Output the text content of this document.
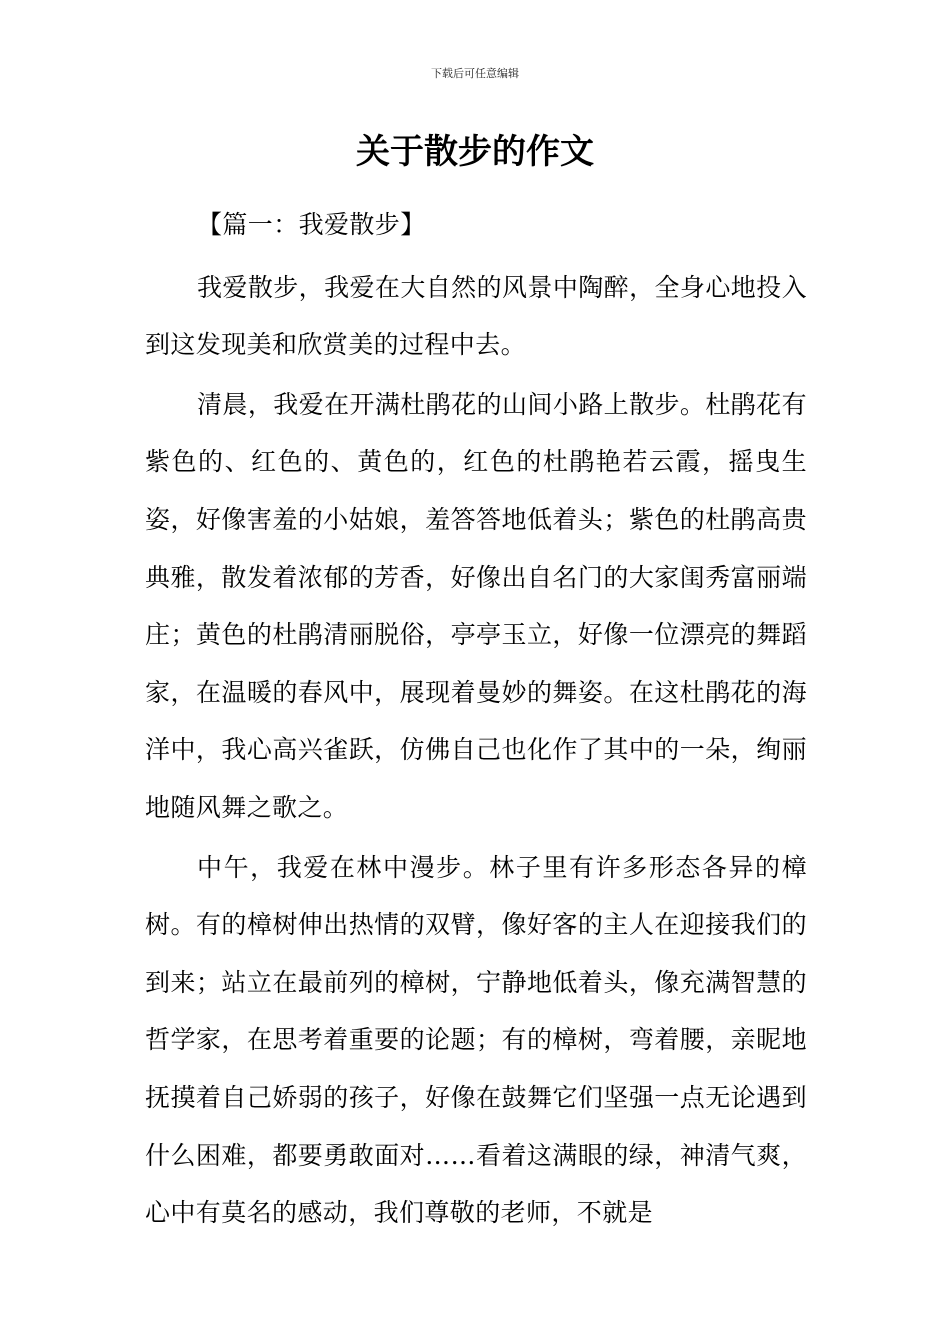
下载后可任意编辑
关于散步的作文

【篇一：我爱散步】

我爱散步，我爱在大自然的风景中陶醉，全身心地投入到这发现美和欣赏美的过程中去。

清晨，我爱在开满杜鹃花的山间小路上散步。杜鹃花有紫色的、红色的、黄色的，红色的杜鹃艳若云霞，摇曳生姿，好像害羞的小姑娘，羞答答地低着头；紫色的杜鹃高贵典雅，散发着浓郁的芳香，好像出自名门的大家闺秀富丽端庄；黄色的杜鹃清丽脱俗，亭亭玉立，好像一位漂亮的舞蹈家，在温暖的春风中，展现着曼妙的舞姿。在这杜鹃花的海洋中，我心高兴雀跃，仿佛自己也化作了其中的一朵，绚丽地随风舞之歌之。

中午，我爱在林中漫步。林子里有许多形态各异的樟树。有的樟树伸出热情的双臂，像好客的主人在迎接我们的到来；站立在最前列的樟树，宁静地低着头，像充满智慧的哲学家，在思考着重要的论题；有的樟树，弯着腰，亲昵地抚摸着自己娇弱的孩子，好像在鼓舞它们坚强一点无论遇到什么困难，都要勇敢面对……看着这满眼的绿，神清气爽，心中有莫名的感动，我们尊敬的老师，不就是
